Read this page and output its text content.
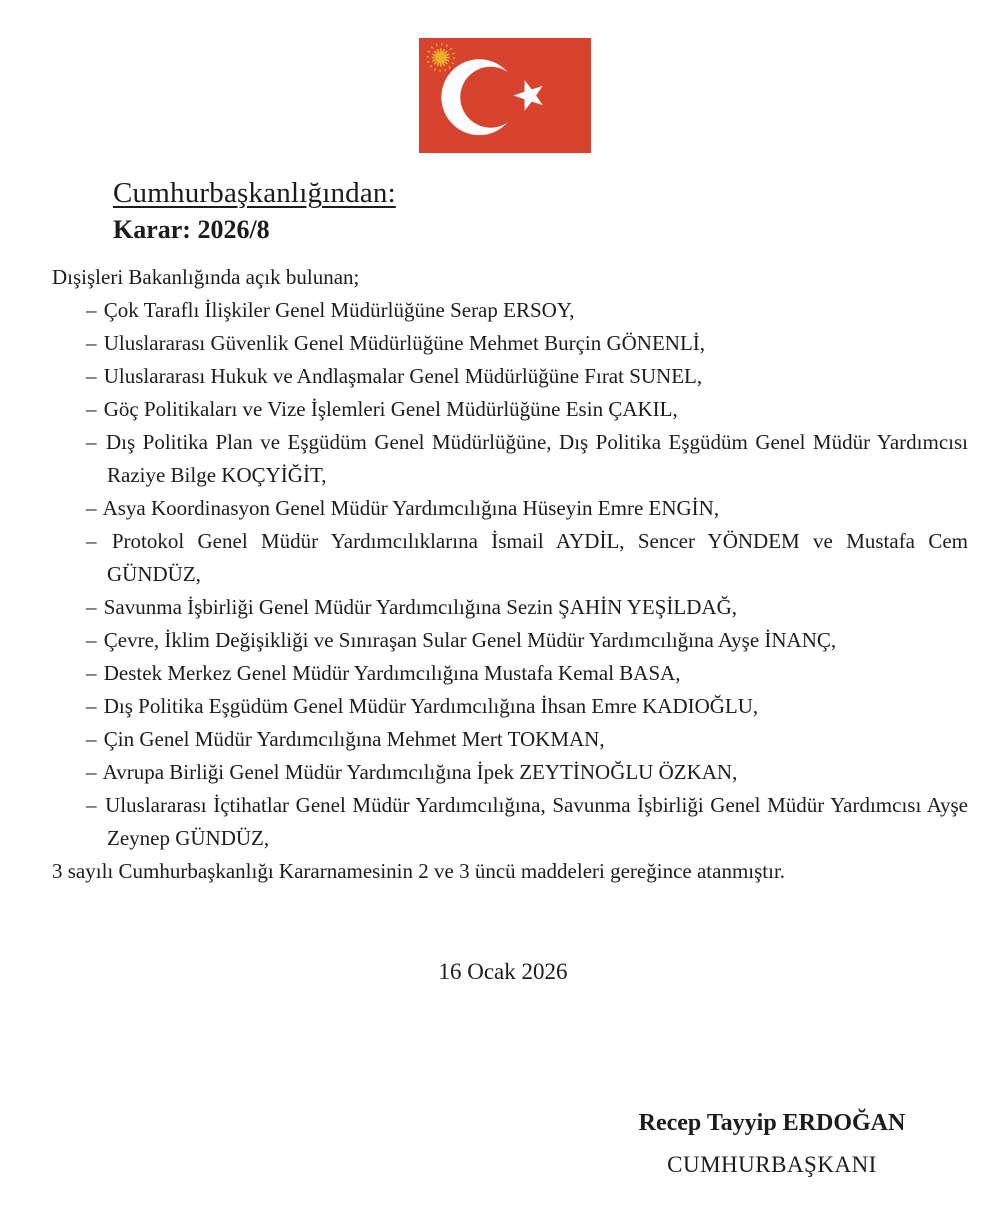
Cumhurbaşkanlığından:
Karar: 2026/8

Dışişleri Bakanlığında açık bulunan;

– Çok Taraflı İlişkiler Genel Müdürlüğüne Serap ERSOY,

– Uluslararası Güvenlik Genel Müdürlüğüne Mehmet Burçin GÖNENLİ,

– Uluslararası Hukuk ve Andlaşmalar Genel Müdürlüğüne Fırat SUNEL,

– Göç Politikaları ve Vize İşlemleri Genel Müdürlüğüne Esin ÇAKIL,

– Dış Politika Plan ve Eşgüdüm Genel Müdürlüğüne, Dış Politika Eşgüdüm Genel Müdür Yardımcısı Raziye Bilge KOÇYİĞİT,

– Asya Koordinasyon Genel Müdür Yardımcılığına Hüseyin Emre ENGİN,

– Protokol Genel Müdür Yardımcılıklarına İsmail AYDİL, Sencer YÖNDEM ve Mustafa Cem GÜNDÜZ,

– Savunma İşbirliği Genel Müdür Yardımcılığına Sezin ŞAHİN YEŞİLDAĞ,

– Çevre, İklim Değişikliği ve Sınıraşan Sular Genel Müdür Yardımcılığına Ayşe İNANÇ,

– Destek Merkez Genel Müdür Yardımcılığına Mustafa Kemal BASA,

– Dış Politika Eşgüdüm Genel Müdür Yardımcılığına İhsan Emre KADIOĞLU,

– Çin Genel Müdür Yardımcılığına Mehmet Mert TOKMAN,

– Avrupa Birliği Genel Müdür Yardımcılığına İpek ZEYTİNOĞLU ÖZKAN,

– Uluslararası İçtihatlar Genel Müdür Yardımcılığına, Savunma İşbirliği Genel Müdür Yardımcısı Ayşe Zeynep GÜNDÜZ,

3 sayılı Cumhurbaşkanlığı Kararnamesinin 2 ve 3 üncü maddeleri gereğince atanmıştır.

16 Ocak 2026
Recep Tayyip ERDOĞAN
CUMHURBAŞKANI
